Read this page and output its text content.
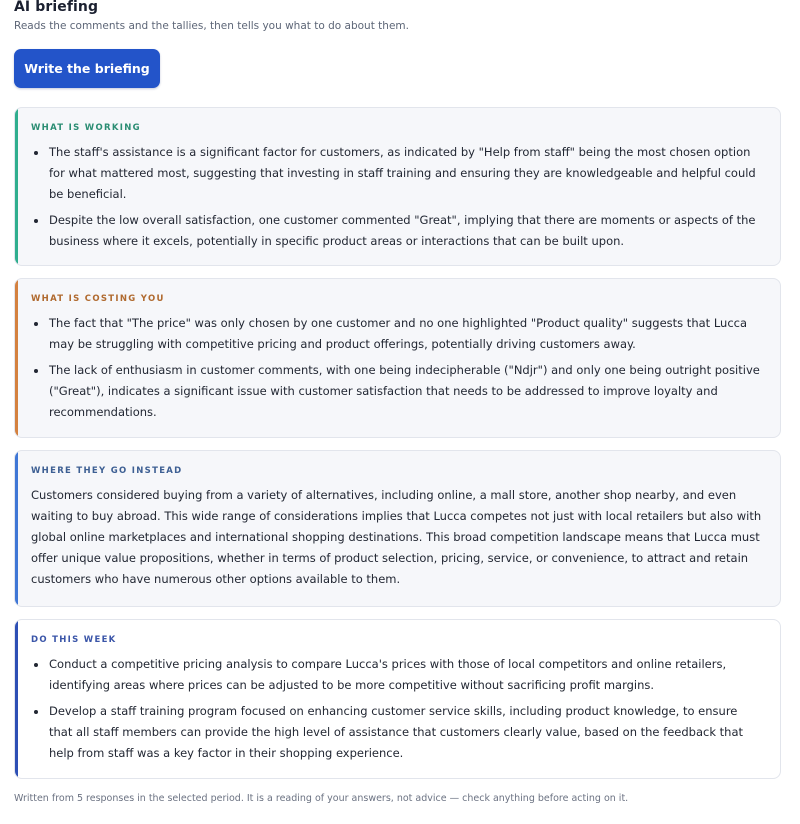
AI briefing
Reads the comments and the tallies, then tells you what to do about them.
Write the briefing
WHAT IS WORKING
The staff's assistance is a significant factor for customers, as indicated by "Help from staff" being the most chosen option for what mattered most, suggesting that investing in staff training and ensuring they are knowledgeable and helpful could be beneficial.
Despite the low overall satisfaction, one customer commented "Great", implying that there are moments or aspects of the business where it excels, potentially in specific product areas or interactions that can be built upon.
WHAT IS COSTING YOU
The fact that "The price" was only chosen by one customer and no one highlighted "Product quality" suggests that Lucca may be struggling with competitive pricing and product offerings, potentially driving customers away.
The lack of enthusiasm in customer comments, with one being indecipherable ("Ndjr") and only one being outright positive ("Great"), indicates a significant issue with customer satisfaction that needs to be addressed to improve loyalty and recommendations.
WHERE THEY GO INSTEAD

Customers considered buying from a variety of alternatives, including online, a mall store, another shop nearby, and even waiting to buy abroad. This wide range of considerations implies that Lucca competes not just with local retailers but also with global online marketplaces and international shopping destinations. This broad competition landscape means that Lucca must offer unique value propositions, whether in terms of product selection, pricing, service, or convenience, to attract and retain customers who have numerous other options available to them.

DO THIS WEEK
Conduct a competitive pricing analysis to compare Lucca's prices with those of local competitors and online retailers, identifying areas where prices can be adjusted to be more competitive without sacrificing profit margins.
Develop a staff training program focused on enhancing customer service skills, including product knowledge, to ensure that all staff members can provide the high level of assistance that customers clearly value, based on the feedback that help from staff was a key factor in their shopping experience.
Written from 5 responses in the selected period. It is a reading of your answers, not advice — check anything before acting on it.
